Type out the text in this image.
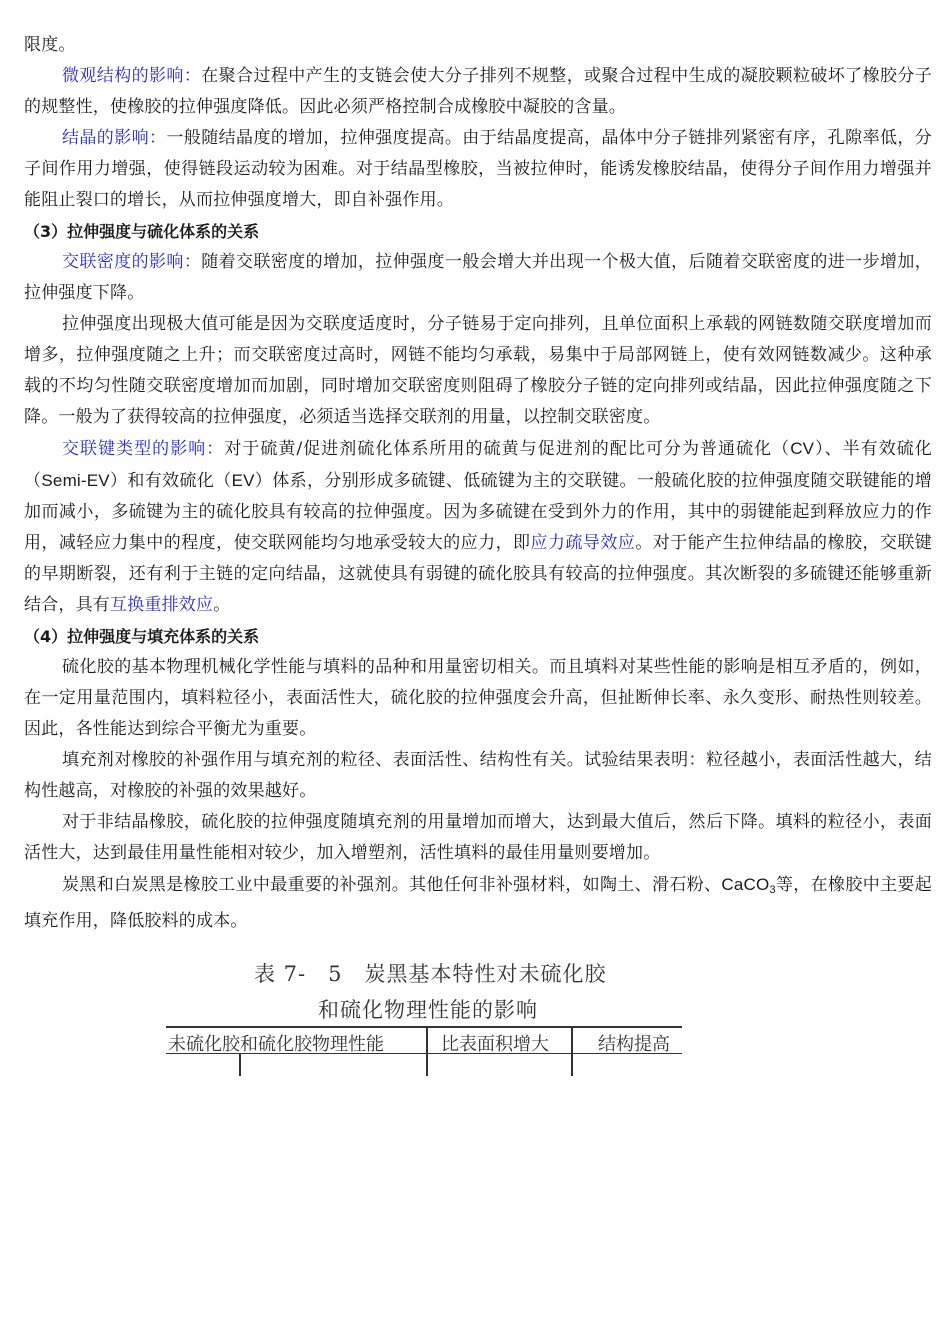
限度。

微观结构的影响：在聚合过程中产生的支链会使大分子排列不规整，或聚合过程中生成的凝胶颗粒破坏了橡胶分子的规整性，使橡胶的拉伸强度降低。因此必须严格控制合成橡胶中凝胶的含量。

结晶的影响：一般随结晶度的增加，拉伸强度提高。由于结晶度提高，晶体中分子链排列紧密有序，孔隙率低，分子间作用力增强，使得链段运动较为困难。对于结晶型橡胶，当被拉伸时，能诱发橡胶结晶，使得分子间作用力增强并能阻止裂口的增长，从而拉伸强度增大，即自补强作用。

（3）拉伸强度与硫化体系的关系

交联密度的影响：随着交联密度的增加，拉伸强度一般会增大并出现一个极大值，后随着交联密度的进一步增加，拉伸强度下降。

拉伸强度出现极大值可能是因为交联度适度时，分子链易于定向排列，且单位面积上承载的网链数随交联度增加而增多，拉伸强度随之上升；而交联密度过高时，网链不能均匀承载，易集中于局部网链上，使有效网链数减少。这种承载的不均匀性随交联密度增加而加剧，同时增加交联密度则阻碍了橡胶分子链的定向排列或结晶，因此拉伸强度随之下降。一般为了获得较高的拉伸强度，必须适当选择交联剂的用量，以控制交联密度。

交联键类型的影响：对于硫黄/促进剂硫化体系所用的硫黄与促进剂的配比可分为普通硫化（CV）、半有效硫化（Semi-EV）和有效硫化（EV）体系，分别形成多硫键、低硫键为主的交联键。一般硫化胶的拉伸强度随交联键能的增加而减小，多硫键为主的硫化胶具有较高的拉伸强度。因为多硫键在受到外力的作用，其中的弱键能起到释放应力的作用，减轻应力集中的程度，使交联网能均匀地承受较大的应力，即应力疏导效应。对于能产生拉伸结晶的橡胶，交联键的早期断裂，还有利于主链的定向结晶，这就使具有弱键的硫化胶具有较高的拉伸强度。其次断裂的多硫键还能够重新结合，具有互换重排效应。

（4）拉伸强度与填充体系的关系

硫化胶的基本物理机械化学性能与填料的品种和用量密切相关。而且填料对某些性能的影响是相互矛盾的，例如，在一定用量范围内，填料粒径小，表面活性大，硫化胶的拉伸强度会升高，但扯断伸长率、永久变形、耐热性则较差。因此，各性能达到综合平衡尤为重要。

填充剂对橡胶的补强作用与填充剂的粒径、表面活性、结构性有关。试验结果表明：粒径越小，表面活性越大，结构性越高，对橡胶的补强的效果越好。

对于非结晶橡胶，硫化胶的拉伸强度随填充剂的用量增加而增大，达到最大值后，然后下降。填料的粒径小，表面活性大，达到最佳用量性能相对较少，加入增塑剂，活性填料的最佳用量则要增加。

炭黑和白炭黑是橡胶工业中最重要的补强剂。其他任何非补强材料，如陶土、滑石粉、CaCO$_3$等，在橡胶中主要起填充作用，降低胶料的成本。

表 7-　5　炭黑基本特性对未硫化胶
和硫化物理性能的影响
未硫化胶和硫化胶物理性能	比表面积增大	结构提高
